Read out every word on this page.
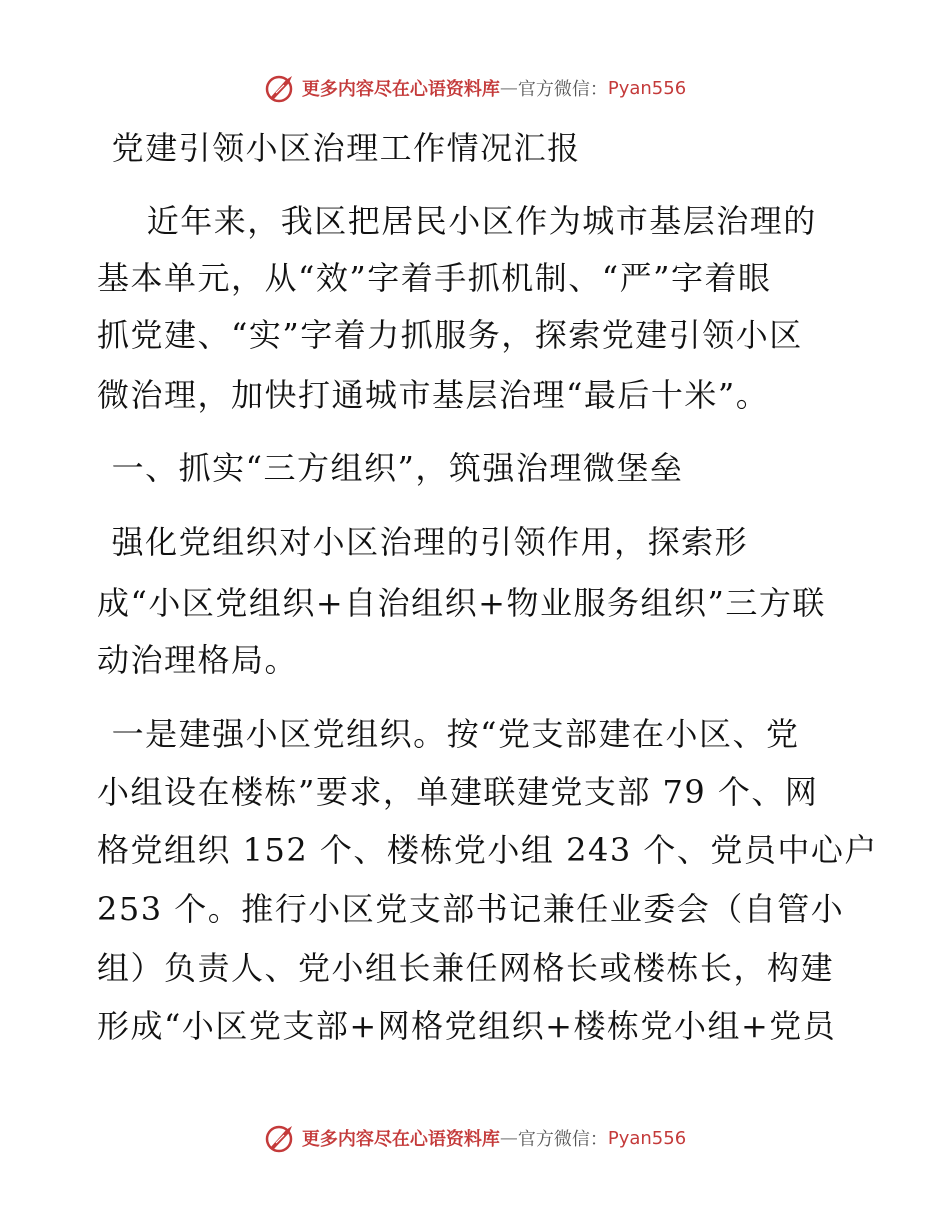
更多内容尽在心语资料库 — 官方微信： Pyan556
党建引领小区治理工作情况汇报
近年来，我区把居民小区作为城市基层治理的
基本单元，从“效”字着手抓机制、“严”字着眼
抓党建、“实”字着力抓服务，探索党建引领小区
微治理，加快打通城市基层治理“最后十米”。
一、抓实“三方组织”，筑强治理微堡垒
强化党组织对小区治理的引领作用，探索形
成“小区党组织+自治组织+物业服务组织”三方联
动治理格局。
一是建强小区党组织。按“党支部建在小区、党
小组设在楼栋”要求，单建联建党支部 79 个、网
格党组织 152 个、楼栋党小组 243 个、党员中心户
253 个。推行小区党支部书记兼任业委会（自管小
组）负责人、党小组长兼任网格长或楼栋长，构建
形成“小区党支部+网格党组织+楼栋党小组+党员
更多内容尽在心语资料库 — 官方微信： Pyan556
